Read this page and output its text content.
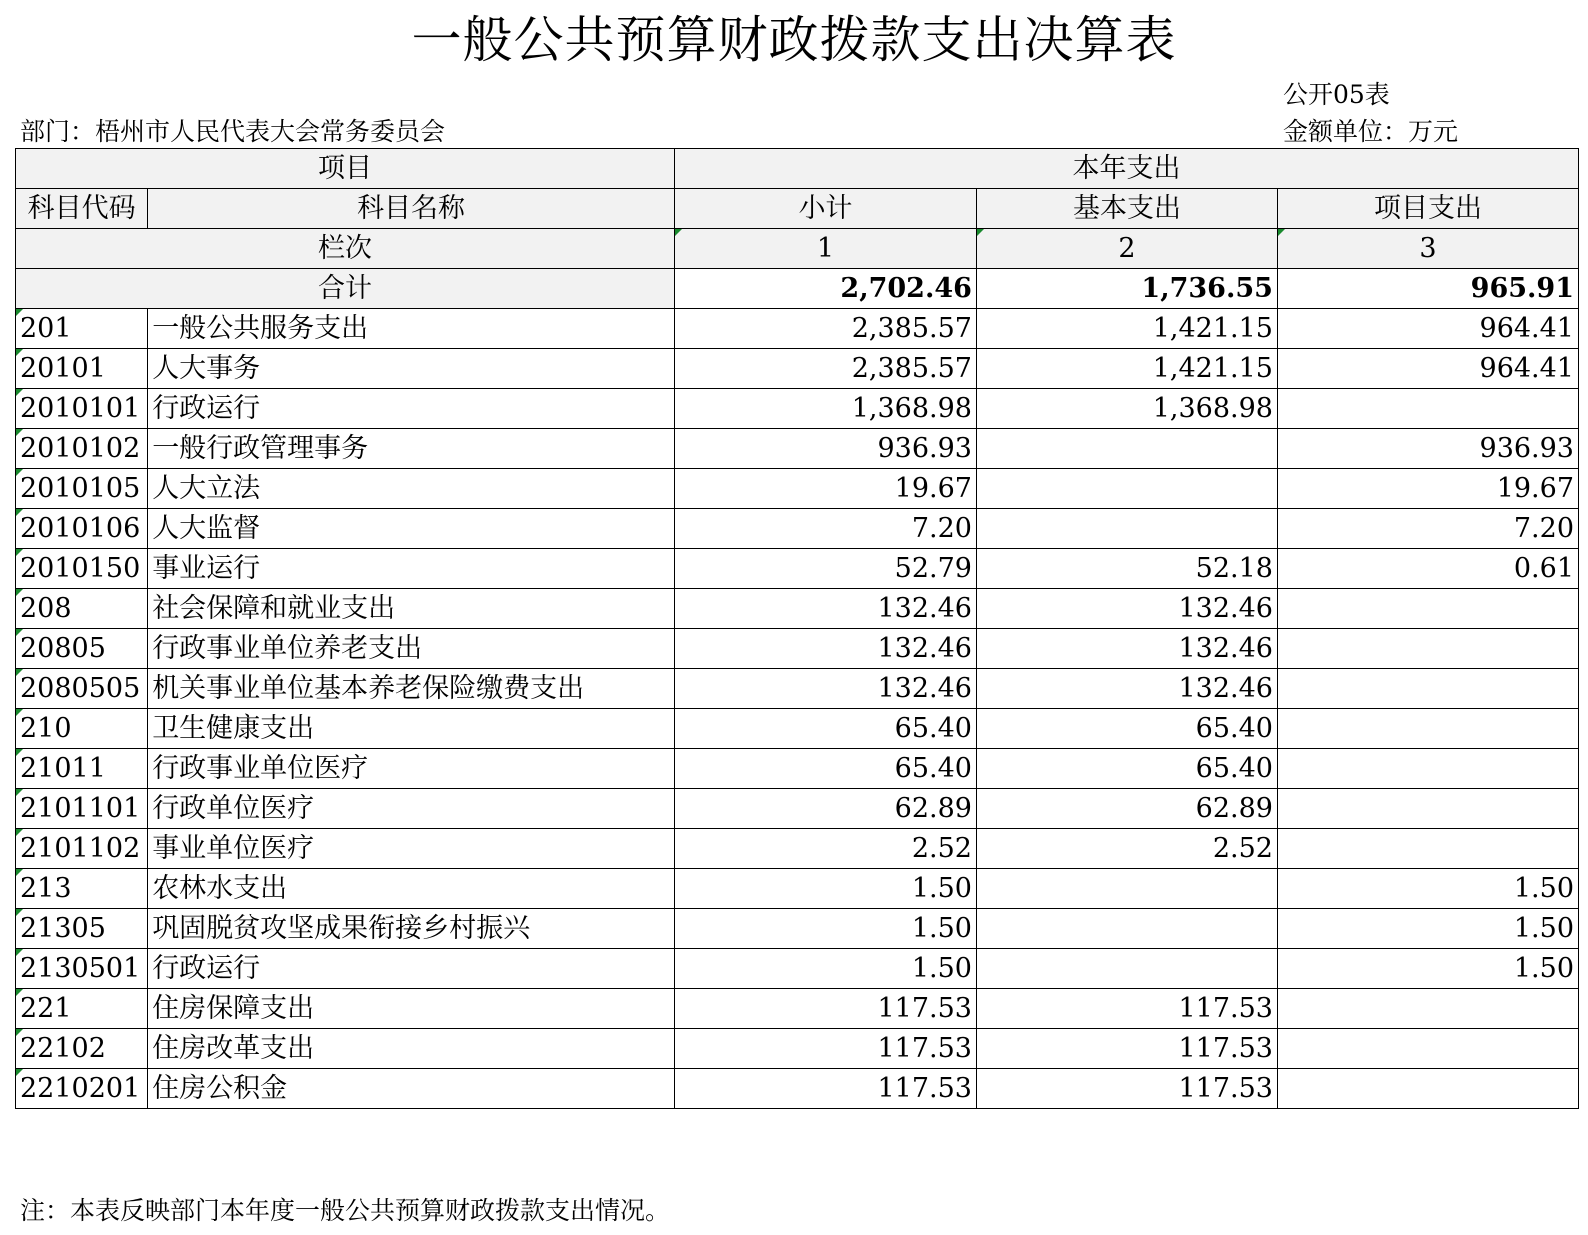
一般公共预算财政拨款支出决算表
公开05表
部门：梧州市人民代表大会常务委员会	金额单位：万元
项目		本年支出		
科目代码	科目名称	小计	基本支出	项目支出
栏次		1	2	3
合计		2,702.46	1,736.55	965.91
201	一般公共服务支出	2,385.57	1,421.15	964.41
20101	人大事务	2,385.57	1,421.15	964.41
2010101	行政运行	1,368.98	1,368.98	
2010102	一般行政管理事务	936.93		936.93
2010105	人大立法	19.67		19.67
2010106	人大监督	7.20		7.20
2010150	事业运行	52.79	52.18	0.61
208	社会保障和就业支出	132.46	132.46	
20805	行政事业单位养老支出	132.46	132.46	
2080505	机关事业单位基本养老保险缴费支出	132.46	132.46	
210	卫生健康支出	65.40	65.40	
21011	行政事业单位医疗	65.40	65.40	
2101101	行政单位医疗	62.89	62.89	
2101102	事业单位医疗	2.52	2.52	
213	农林水支出	1.50		1.50
21305	巩固脱贫攻坚成果衔接乡村振兴	1.50		1.50
2130501	行政运行	1.50		1.50
221	住房保障支出	117.53	117.53	
22102	住房改革支出	117.53	117.53	
2210201	住房公积金	117.53	117.53	
注：本表反映部门本年度一般公共预算财政拨款支出情况。
